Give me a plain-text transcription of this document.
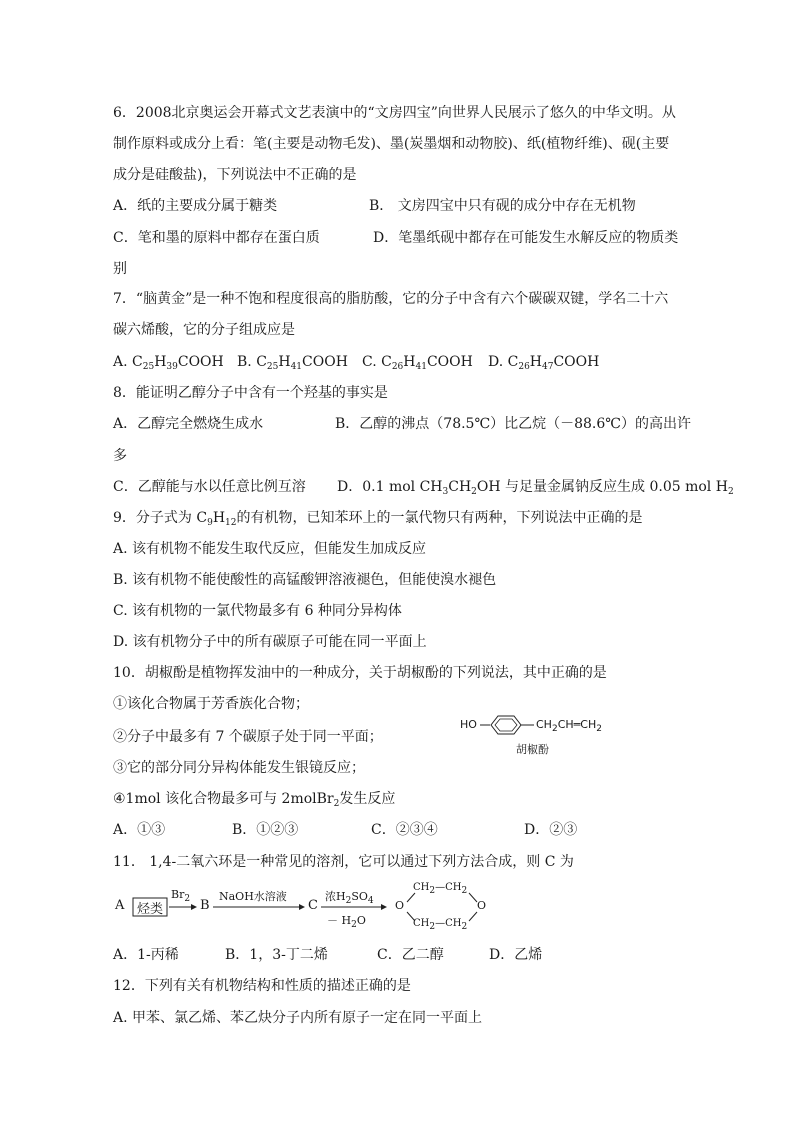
6．2008北京奥运会开幕式文艺表演中的“文房四宝”向世界人民展示了悠久的中华文明。从
制作原料或成分上看：笔(主要是动物毛发)、墨(炭墨烟和动物胶)、纸(植物纤维)、砚(主要
成分是硅酸盐)，下列说法中不正确的是
A．纸的主要成分属于糖类	B． 文房四宝中只有砚的成分中存在无机物
C．笔和墨的原料中都存在蛋白质	D．笔墨纸砚中都存在可能发生水解反应的物质类
别
7．“脑黄金”是一种不饱和程度很高的脂肪酸，它的分子中含有六个碳碳双键，学名二十六
碳六烯酸，它的分子组成应是
A. $C_{25}H_{39}COOH$ B. $C_{25}H_{41}COOH$ C. $C_{26}H_{41}COOH$ D. $C_{26}H_{47}COOH$
8．能证明乙醇分子中含有一个羟基的事实是
A．乙醇完全燃烧生成水	B．乙醇的沸点（78.5℃）比乙烷（－88.6℃）的高出许
多
C．乙醇能与水以任意比例互溶 D．0.1 mol $CH_3CH_2OH$ 与足量金属钠反应生成 0.05 mol $H_2$
9．分子式为 $C_9H_{12}$的有机物，已知苯环上的一氯代物只有两种，下列说法中正确的是
A. 该有机物不能发生取代反应，但能发生加成反应
B. 该有机物不能使酸性的高锰酸钾溶液褪色，但能使溴水褪色
C. 该有机物的一氯代物最多有 6 种同分异构体
D. 该有机物分子中的所有碳原子可能在同一平面上
10．胡椒酚是植物挥发油中的一种成分，关于胡椒酚的下列说法，其中正确的是
①该化合物属于芳香族化合物；
②分子中最多有 7 个碳原子处于同一平面；
③它的部分同分异构体能发生银镜反应；
④1mol 该化合物最多可与 2molBr$_2$发生反应
HO	$CH_2CH═CH_2$
胡椒酚
A．①③	B．①②③	C．②③④	D．②③
11． 1,4-二氧六环是一种常见的溶剂，它可以通过下列方法合成，则 C 为
A 烃类
$Br_2$ B
NaOH水溶液
C
浓$H_2SO_4$
－ $H_2O$
O	O
$CH_2—CH_2$
$CH_2—CH_2$
A．1-丙稀	B．1，3-丁二烯	C．乙二醇	D．乙烯
12．下列有关有机物结构和性质的描述正确的是
A. 甲苯、氯乙烯、苯乙炔分子内所有原子一定在同一平面上
